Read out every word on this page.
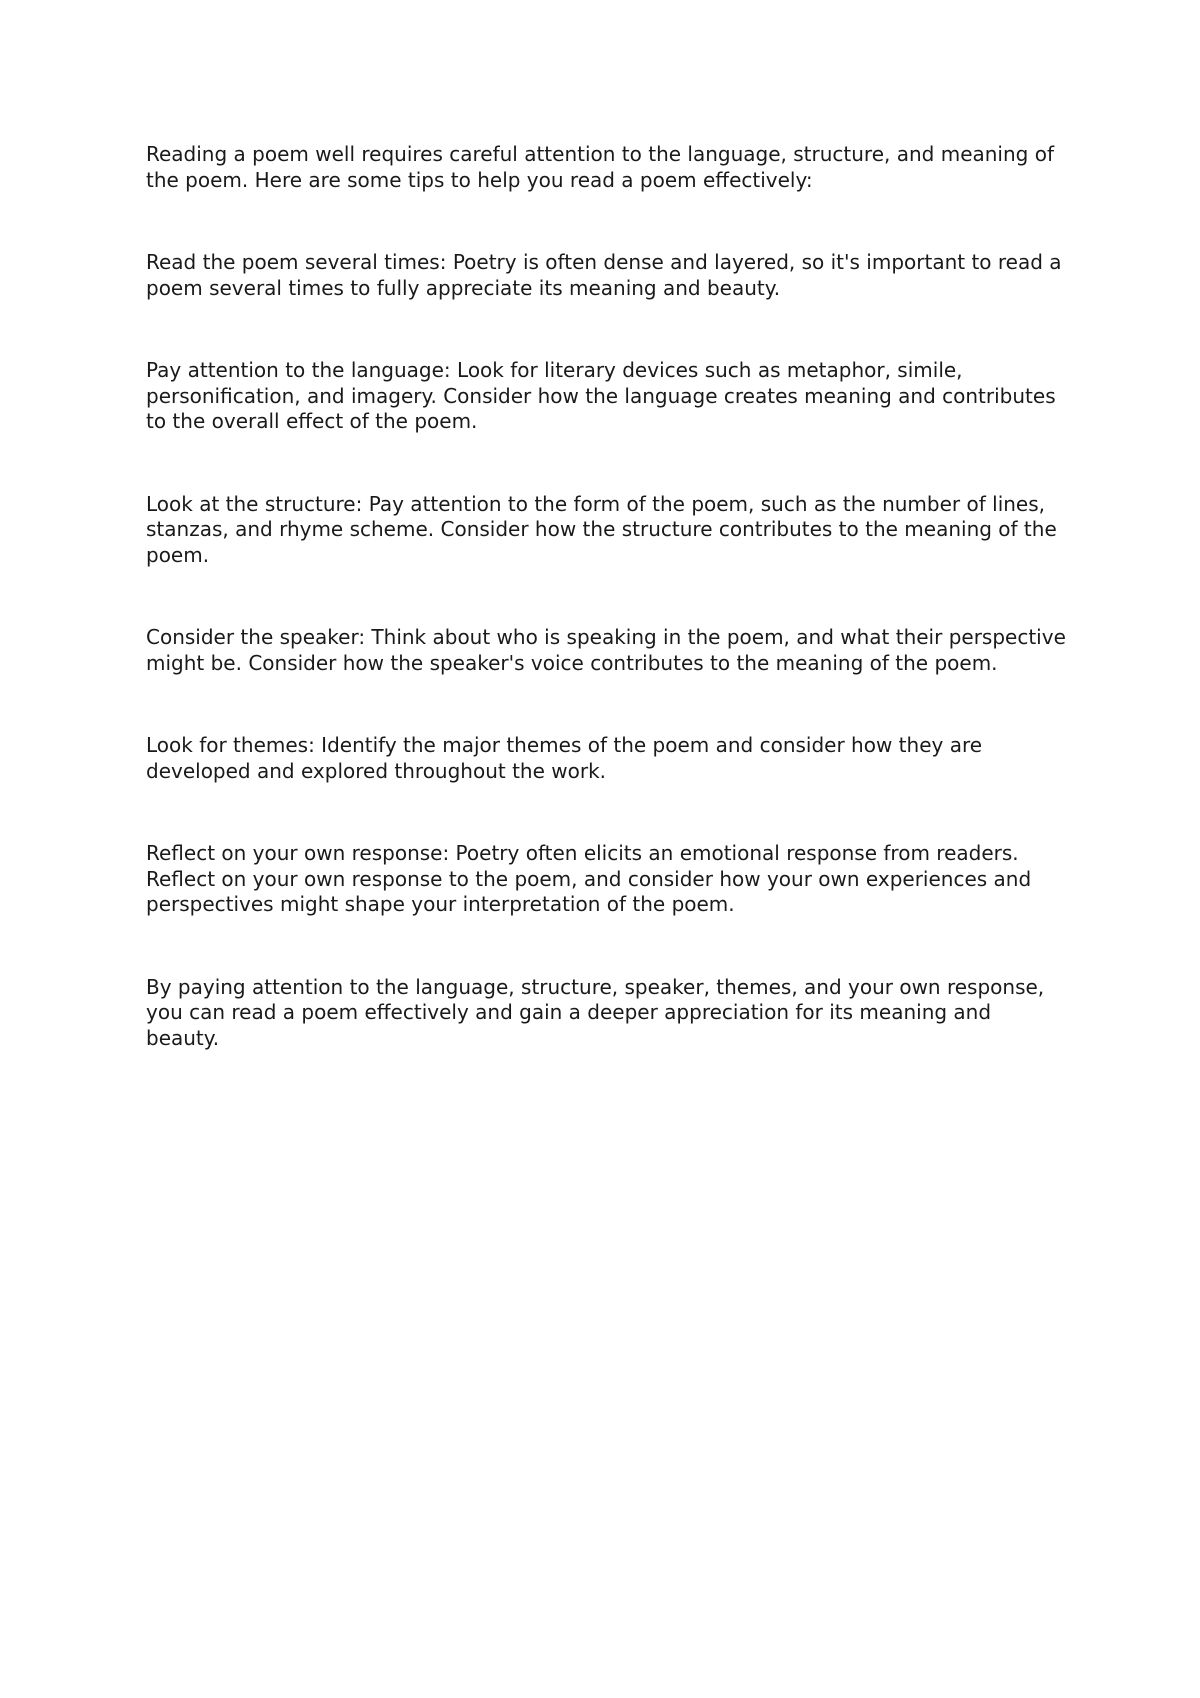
Reading a poem well requires careful attention to the language, structure, and meaning of the poem. Here are some tips to help you read a poem effectively:

Read the poem several times: Poetry is often dense and layered, so it's important to read a poem several times to fully appreciate its meaning and beauty.

Pay attention to the language: Look for literary devices such as metaphor, simile, personification, and imagery. Consider how the language creates meaning and contributes to the overall effect of the poem.

Look at the structure: Pay attention to the form of the poem, such as the number of lines, stanzas, and rhyme scheme. Consider how the structure contributes to the meaning of the poem.

Consider the speaker: Think about who is speaking in the poem, and what their perspective might be. Consider how the speaker's voice contributes to the meaning of the poem.

Look for themes: Identify the major themes of the poem and consider how they are developed and explored throughout the work.

Reflect on your own response: Poetry often elicits an emotional response from readers. Reflect on your own response to the poem, and consider how your own experiences and perspectives might shape your interpretation of the poem.

By paying attention to the language, structure, speaker, themes, and your own response, you can read a poem effectively and gain a deeper appreciation for its meaning and beauty.
